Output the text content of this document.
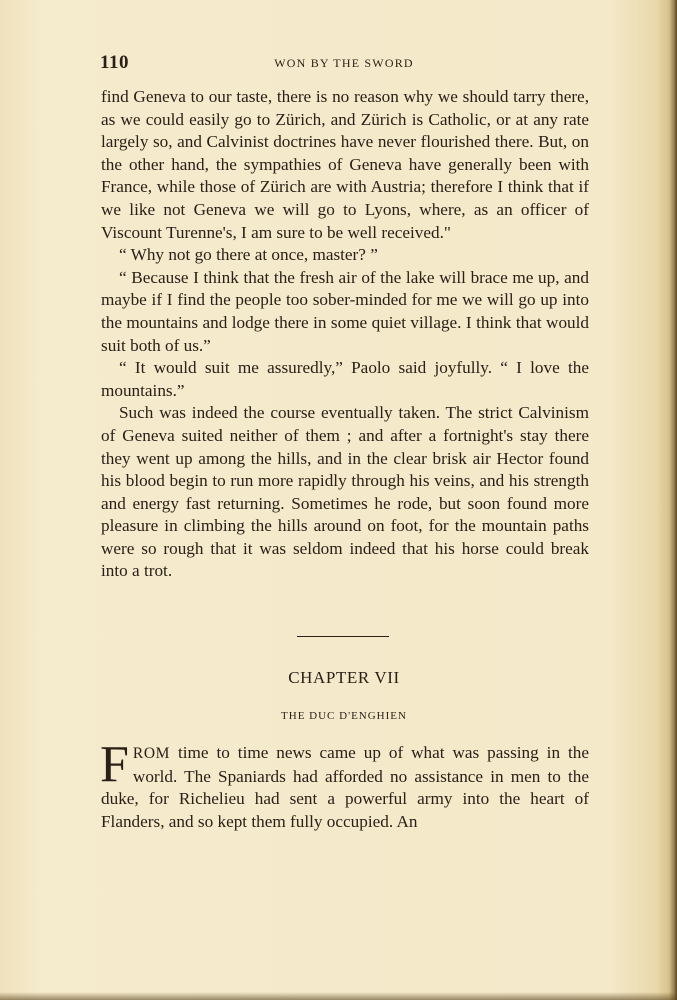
110	WON BY THE SWORD

find Geneva to our taste, there is no reason why we should tarry there, as we could easily go to Zürich, and Zürich is Catholic, or at any rate largely so, and Calvinist doctrines have never flourished there. But, on the other hand, the sympathies of Geneva have generally been with France, while those of Zürich are with Austria; therefore I think that if we like not Geneva we will go to Lyons, where, as an officer of Viscount Turenne's, I am sure to be well received."

“ Why not go there at once, master? ”

“ Because I think that the fresh air of the lake will brace me up, and maybe if I find the people too sober-minded for me we will go up into the mountains and lodge there in some quiet village. I think that would suit both of us.”

“ It would suit me assuredly,” Paolo said joyfully. “ I love the mountains.”

Such was indeed the course eventually taken. The strict Calvinism of Geneva suited neither of them ; and after a fortnight's stay there they went up among the hills, and in the clear brisk air Hector found his blood begin to run more rapidly through his veins, and his strength and energy fast returning. Sometimes he rode, but soon found more pleasure in climbing the hills around on foot, for the mountain paths were so rough that it was seldom indeed that his horse could break into a trot.

CHAPTER VII
THE DUC D'ENGHIEN

FROM time to time news came up of what was passing in the world. The Spaniards had afforded no assistance in men to the duke, for Richelieu had sent a powerful army into the heart of Flanders, and so kept them fully occupied. An
